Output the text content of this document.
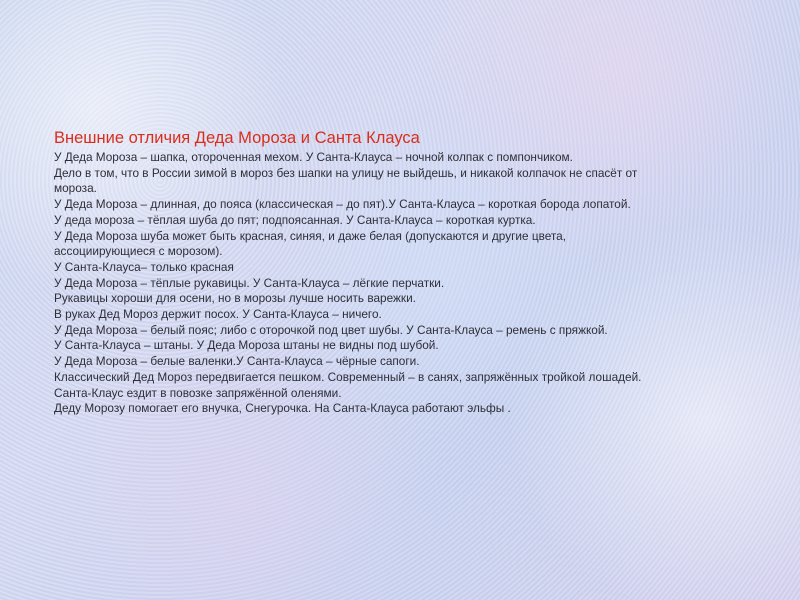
Внешние отличия Деда Мороза и Санта Клауса

У Деда Мороза – шапка, отороченная мехом. У Санта-Клауса – ночной колпак с помпончиком.

Дело в том, что в России зимой в мороз без шапки на улицу не выйдешь, и никакой колпачок не спасёт от

мороза.

У Деда Мороза – длинная, до пояса (классическая – до пят).У Санта-Клауса – короткая борода лопатой.

У деда мороза – тёплая шуба до пят; подпоясанная. У Санта-Клауса – короткая куртка.

У Деда Мороза шуба может быть красная, синяя, и даже белая (допускаются и другие цвета,

ассоциирующиеся с морозом).

У Санта-Клауса– только красная

У Деда Мороза – тёплые рукавицы. У Санта-Клауса – лёгкие перчатки.

Рукавицы хороши для осени, но в морозы лучше носить варежки.

В руках Дед Мороз держит посох. У Санта-Клауса – ничего.

У Деда Мороза – белый пояс; либо с оторочкой под цвет шубы. У Санта-Клауса – ремень с пряжкой.

У Санта-Клауса – штаны. У Деда Мороза штаны не видны под шубой.

У Деда Мороза – белые валенки.У Санта-Клауса – чёрные сапоги.

Классический Дед Мороз передвигается пешком. Современный – в санях, запряжённых тройкой лошадей.

Санта-Клаус ездит в повозке запряжённой оленями.

Деду Морозу помогает его внучка, Снегурочка. На Санта-Клауса работают эльфы .
